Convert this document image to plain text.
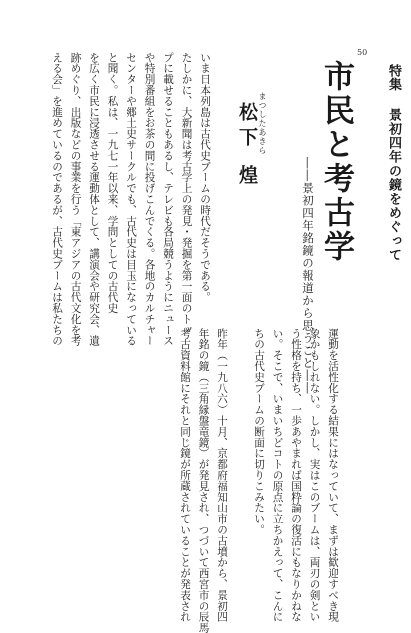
50
特集
景初四年の鏡をめぐって
市民と考古学
――景初四年銘鏡の報道から思うこと――
まつしたあきら
松下 煌
いま日本列島は古代史ブームの時代だそうである。
たしかに、大新聞は考古学上の発見・発掘を第一面のトッ
プに載せることもあるし、テレビも各局競うようにニュース
や特別番組をお茶の間に投げこんでくる。各地のカルチャー
センターや郷土史サークルでも、古代史は目玉になっている
と聞く。私は、一九七一年以来、学問としての古代史
を広く市民に浸透させる運動体として、講演会や研究会、遺
跡めぐり、出版などの事業を行う「東アジアの古代文化を考
える会」を進めているのであるが、古代史ブームは私たちの
運動を活性化する結果にはなっていて、まずは歓迎すべき現
象かもしれない。しかし、実はこのブームは、両刃の剣とい
う性格を持ち、一歩あやまれば国粋論の復活にもなりかねな
い。そこで、いまいちどコトの原点に立ちかえって、こんに
ちの古代史ブームの断面に切りこみたい。
昨年（一九八六）十月、京都府福知山市の古墳から、景初四
年銘の鏡（三角縁盤竜鏡）が発見され、つづいて西宮市の辰馬
考古資料館にそれと同じ鏡が所蔵されていることが発表され
